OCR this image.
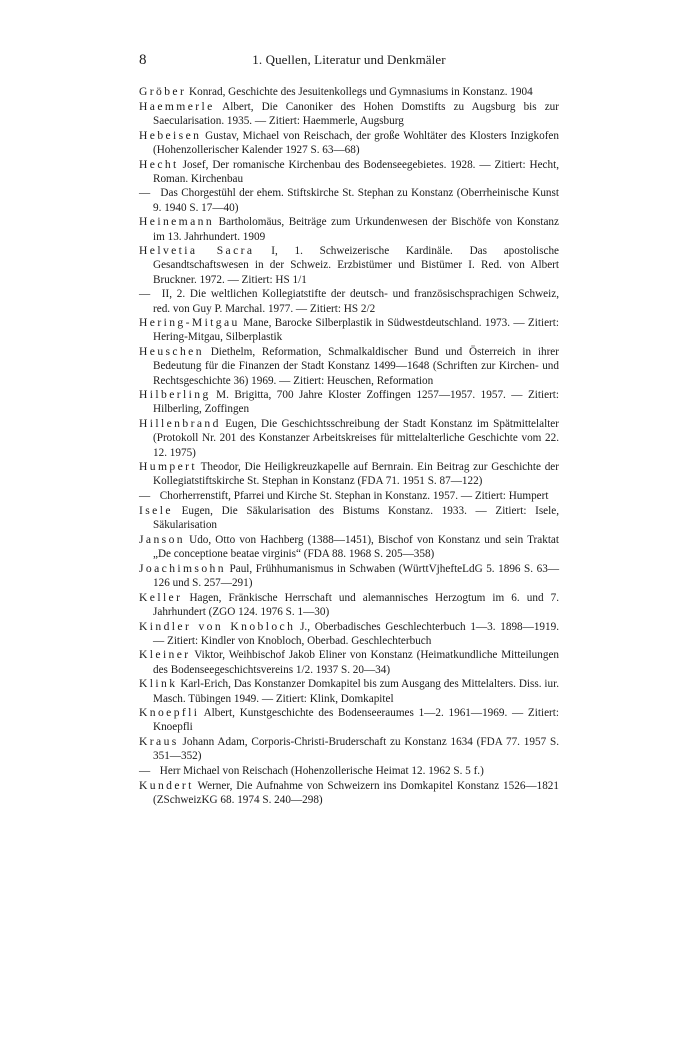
8	1. Quellen, Literatur und Denkmäler

Gröber Konrad, Geschichte des Jesuitenkollegs und Gymnasiums in Konstanz. 1904

Haemmerle Albert, Die Canoniker des Hohen Domstifts zu Augsburg bis zur Saecularisation. 1935. — Zitiert: Haemmerle, Augsburg

Hebeisen Gustav, Michael von Reischach, der große Wohltäter des Klosters Inzigkofen (Hohenzollerischer Kalender 1927 S. 63—68)

Hecht Josef, Der romanische Kirchenbau des Bodenseegebietes. 1928. — Zitiert: Hecht, Roman. Kirchenbau

— Das Chorgestühl der ehem. Stiftskirche St. Stephan zu Konstanz (Oberrheinische Kunst 9. 1940 S. 17—40)

Heinemann Bartholomäus, Beiträge zum Urkundenwesen der Bischöfe von Konstanz im 13. Jahrhundert. 1909

Helvetia Sacra I, 1. Schweizerische Kardinäle. Das apostolische Gesandtschaftswesen in der Schweiz. Erzbistümer und Bistümer I. Red. von Albert Bruckner. 1972. — Zitiert: HS 1/1

— II, 2. Die weltlichen Kollegiatstifte der deutsch- und französischsprachigen Schweiz, red. von Guy P. Marchal. 1977. — Zitiert: HS 2/2

Hering-Mitgau Mane, Barocke Silberplastik in Südwestdeutschland. 1973. — Zitiert: Hering-Mitgau, Silberplastik

Heuschen Diethelm, Reformation, Schmalkaldischer Bund und Österreich in ihrer Bedeutung für die Finanzen der Stadt Konstanz 1499—1648 (Schriften zur Kirchen- und Rechtsgeschichte 36) 1969. — Zitiert: Heuschen, Reformation

Hilberling M. Brigitta, 700 Jahre Kloster Zoffingen 1257—1957. 1957. — Zitiert: Hilberling, Zoffingen

Hillenbrand Eugen, Die Geschichtsschreibung der Stadt Konstanz im Spätmittelalter (Protokoll Nr. 201 des Konstanzer Arbeitskreises für mittelalterliche Geschichte vom 22. 12. 1975)

Humpert Theodor, Die Heiligkreuzkapelle auf Bernrain. Ein Beitrag zur Geschichte der Kollegiatstiftskirche St. Stephan in Konstanz (FDA 71. 1951 S. 87—122)

— Chorherrenstift, Pfarrei und Kirche St. Stephan in Konstanz. 1957. — Zitiert: Humpert

Isele Eugen, Die Säkularisation des Bistums Konstanz. 1933. — Zitiert: Isele, Säkularisation

Janson Udo, Otto von Hachberg (1388—1451), Bischof von Konstanz und sein Traktat „De conceptione beatae virginis“ (FDA 88. 1968 S. 205—358)

Joachimsohn Paul, Frühhumanismus in Schwaben (WürttVjhefteLdG 5. 1896 S. 63—126 und S. 257—291)

Keller Hagen, Fränkische Herrschaft und alemannisches Herzogtum im 6. und 7. Jahrhundert (ZGO 124. 1976 S. 1—30)

Kindler von Knobloch J., Oberbadisches Geschlechterbuch 1—3. 1898—1919. — Zitiert: Kindler von Knobloch, Oberbad. Geschlechterbuch

Kleiner Viktor, Weihbischof Jakob Eliner von Konstanz (Heimatkundliche Mitteilungen des Bodenseegeschichtsvereins 1/2. 1937 S. 20—34)

Klink Karl-Erich, Das Konstanzer Domkapitel bis zum Ausgang des Mittelalters. Diss. iur. Masch. Tübingen 1949. — Zitiert: Klink, Domkapitel

Knoepfli Albert, Kunstgeschichte des Bodenseeraumes 1—2. 1961—1969. — Zitiert: Knoepfli

Kraus Johann Adam, Corporis-Christi-Bruderschaft zu Konstanz 1634 (FDA 77. 1957 S. 351—352)

— Herr Michael von Reischach (Hohenzollerische Heimat 12. 1962 S. 5 f.)

Kundert Werner, Die Aufnahme von Schweizern ins Domkapitel Konstanz 1526—1821 (ZSchweizKG 68. 1974 S. 240—298)
